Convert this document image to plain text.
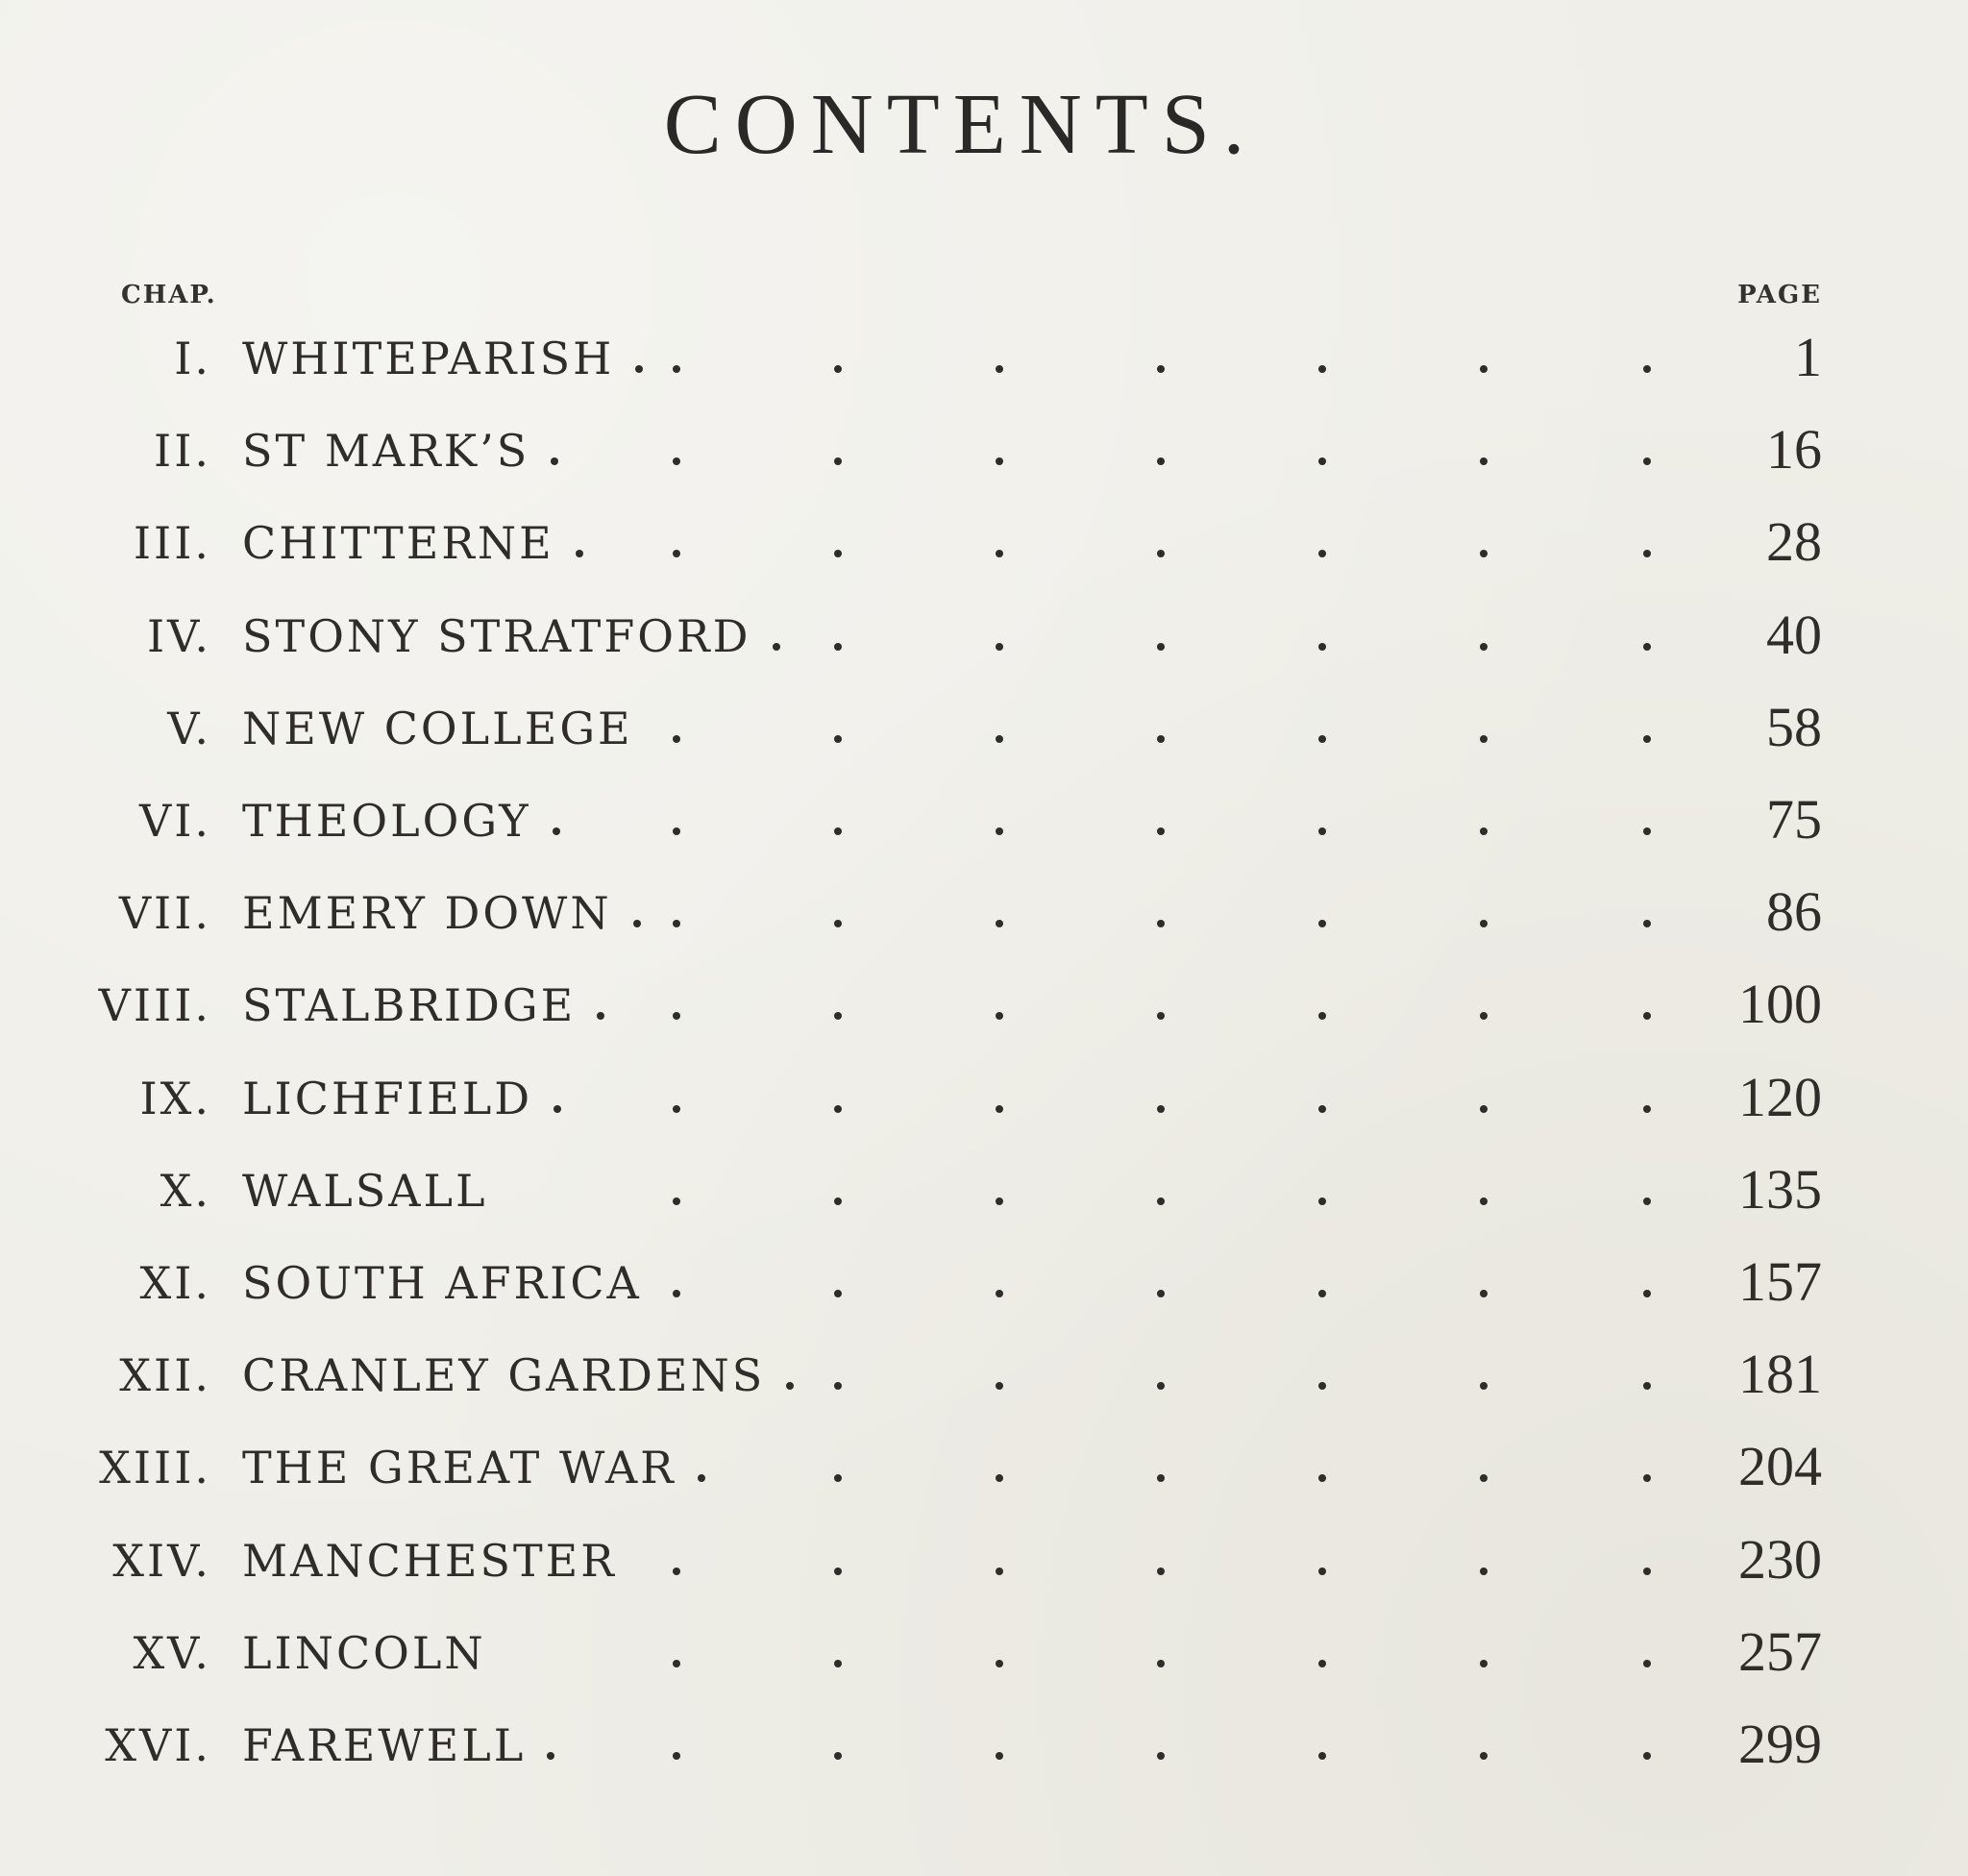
CONTENTS.
CHAP.	PAGE
I. WHITEPARISH	1
II. ST MARK’S	16
III. CHITTERNE	28
IV. STONY STRATFORD	40
V. NEW COLLEGE	58
VI. THEOLOGY	75
VII. EMERY DOWN	86
VIII. STALBRIDGE	100
IX. LICHFIELD	120
X. WALSALL	135
XI. SOUTH AFRICA	157
XII. CRANLEY GARDENS	181
XIII. THE GREAT WAR	204
XIV. MANCHESTER	230
XV. LINCOLN	257
XVI. FAREWELL	299
